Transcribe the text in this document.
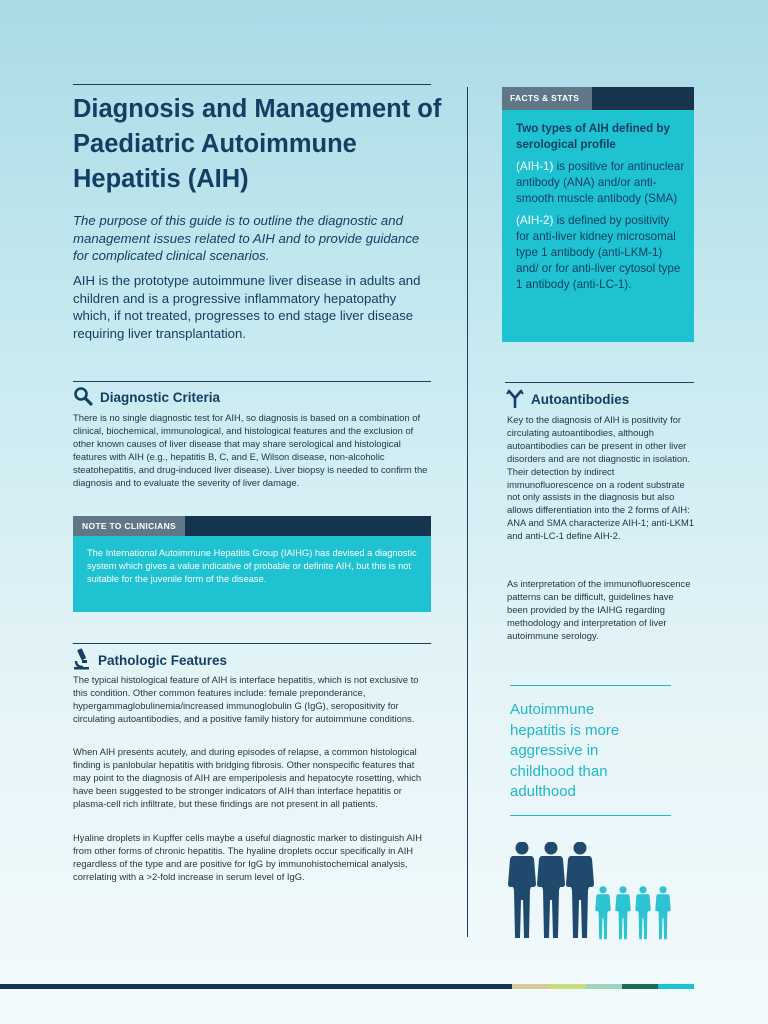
Diagnosis and Management of Paediatric Autoimmune Hepatitis (AIH)
The purpose of this guide is to outline the diagnostic and management issues related to AIH and to provide guidance for complicated clinical scenarios.
AIH is the prototype autoimmune liver disease in adults and children and is a progressive inflammatory hepatopathy which, if not treated, progresses to end stage liver disease requiring liver transplantation.
Diagnostic Criteria
There is no single diagnostic test for AIH, so diagnosis is based on a combination of clinical, biochemical, immunological, and histological features and the exclusion of other known causes of liver disease that may share serological and histological features with AIH (e.g., hepatitis B, C, and E, Wilson disease, non-alcoholic steatohepatitis, and drug-induced liver disease). Liver biopsy is needed to confirm the diagnosis and to evaluate the severity of liver damage.
NOTE TO CLINICIANS
The International Autoimmune Hepatitis Group (IAIHG) has devised a diagnostic system which gives a value indicative of probable or definite AIH, but this is not suitable for the juvenile form of the disease.
Pathologic Features
The typical histological feature of AIH is interface hepatitis, which is not exclusive to this condition. Other common features include: female preponderance, hypergammaglobulinemia/increased immunoglobulin G (IgG), seropositivity for circulating autoantibodies, and a positive family history for autoimmune conditions.
When AIH presents acutely, and during episodes of relapse, a common histological finding is panlobular hepatitis with bridging fibrosis. Other nonspecific features that may point to the diagnosis of AIH are emperipolesis and hepatocyte rosetting, which have been suggested to be stronger indicators of AIH than interface hepatitis or plasma-cell rich infiltrate, but these findings are not present in all patients.
Hyaline droplets in Kupffer cells maybe a useful diagnostic marker to distinguish AIH from other forms of chronic hepatitis. The hyaline droplets occur specifically in AIH regardless of the type and are positive for IgG by immunohistochemical analysis, correlating with a >2-fold increase in serum level of IgG.
FACTS & STATS

Two types of AIH defined by serological profile

(AIH-1) is positive for antinuclear antibody (ANA) and/or anti-smooth muscle antibody (SMA)

(AIH-2) is defined by positivity for anti-liver kidney microsomal type 1 antibody (anti-LKM-1) and/ or for anti-liver cytosol type 1 antibody (anti-LC-1).

Autoantibodies
Key to the diagnosis of AIH is positivity for circulating autoantibodies, although autoantibodies can be present in other liver disorders and are not diagnostic in isolation. Their detection by indirect immunofluorescence on a rodent substrate not only assists in the diagnosis but also allows differentiation into the 2 forms of AIH: ANA and SMA characterize AIH-1; anti-LKM1 and anti-LC-1 define AIH-2.
As interpretation of the immunofluorescence patterns can be difficult, guidelines have been provided by the IAIHG regarding methodology and interpretation of liver autoimmune serology.
Autoimmune hepatitis is more aggressive in childhood than adulthood
